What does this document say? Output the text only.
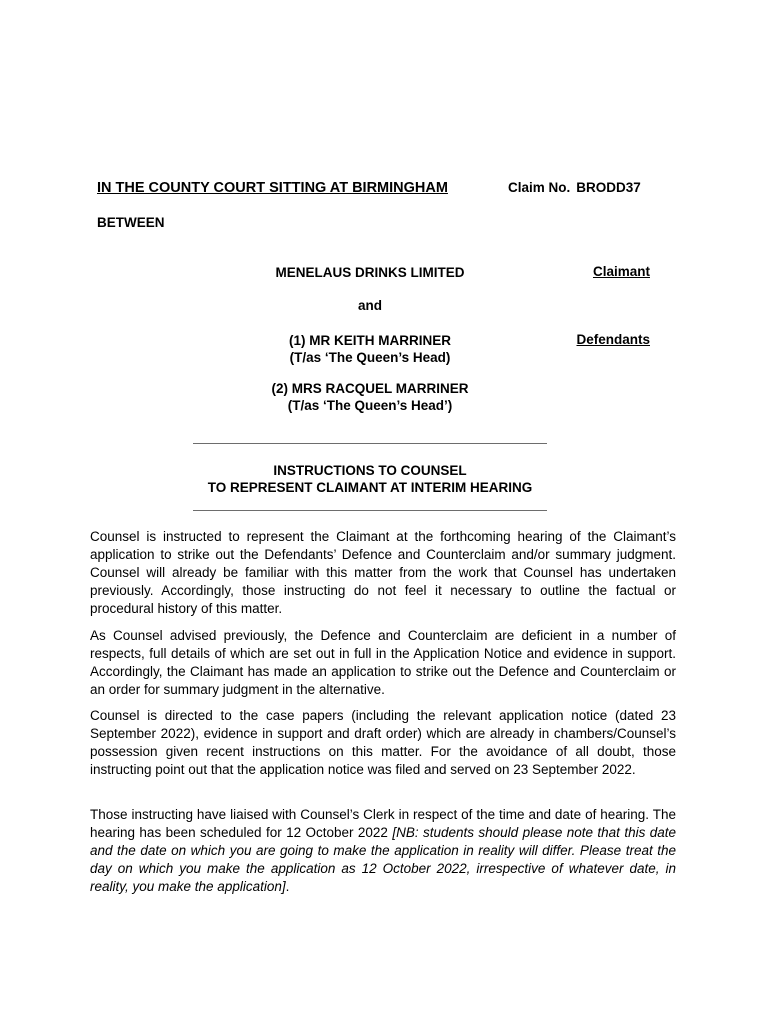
IN THE COUNTY COURT SITTING AT BIRMINGHAM	Claim No. BRODD37
BETWEEN
MENELAUS DRINKS LIMITED	Claimant
and
(1) MR KEITH MARRINER
(T/as ‘The Queen’s Head)
Defendants
(2) MRS RACQUEL MARRINER
(T/as ‘The Queen’s Head’)
INSTRUCTIONS TO COUNSEL
TO REPRESENT CLAIMANT AT INTERIM HEARING

Counsel is instructed to represent the Claimant at the forthcoming hearing of the Claimant’s application to strike out the Defendants’ Defence and Counterclaim and/or summary judgment. Counsel will already be familiar with this matter from the work that Counsel has undertaken previously. Accordingly, those instructing do not feel it necessary to outline the factual or procedural history of this matter.

As Counsel advised previously, the Defence and Counterclaim are deficient in a number of respects, full details of which are set out in full in the Application Notice and evidence in support. Accordingly, the Claimant has made an application to strike out the Defence and Counterclaim or an order for summary judgment in the alternative.

Counsel is directed to the case papers (including the relevant application notice (dated 23 September 2022), evidence in support and draft order) which are already in chambers/Counsel’s possession given recent instructions on this matter. For the avoidance of all doubt, those instructing point out that the application notice was filed and served on 23 September 2022.

Those instructing have liaised with Counsel’s Clerk in respect of the time and date of hearing. The hearing has been scheduled for 12 October 2022 [NB: students should please note that this date and the date on which you are going to make the application in reality will differ. Please treat the day on which you make the application as 12 October 2022, irrespective of whatever date, in reality, you make the application].
